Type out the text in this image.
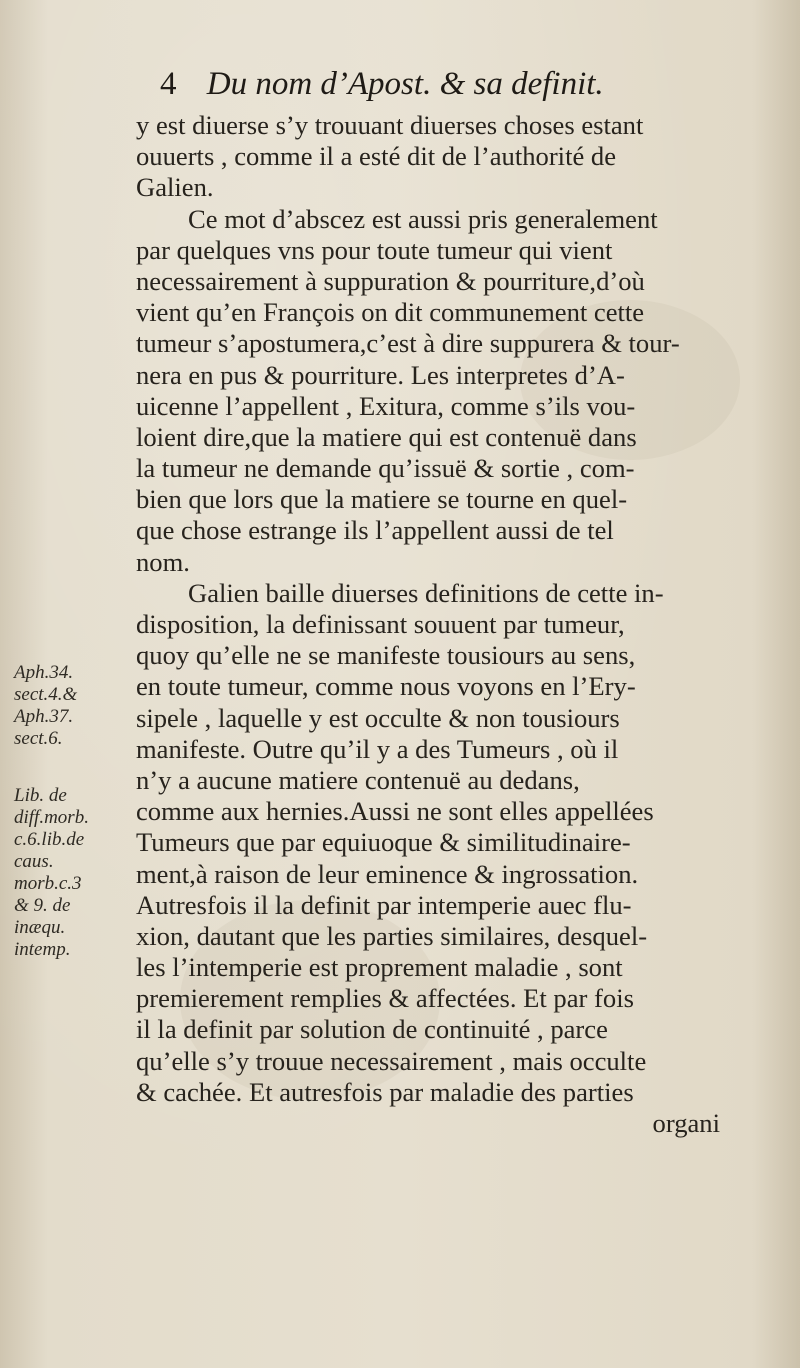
4 Du nom d’Apost. & sa definit.
y est diuerse s’y trouuant diuerses choses estant
ouuerts , comme il a esté dit de l’authorité de
Galien.
Ce mot d’abscez est aussi pris generalement
par quelques vns pour toute tumeur qui vient
necessairement à suppuration & pourriture,d’où
vient qu’en François on dit communement cette
tumeur s’apostumera,c’est à dire suppurera & tour-
nera en pus & pourriture. Les interpretes d’A-
uicenne l’appellent , Exitura, comme s’ils vou-
loient dire,que la matiere qui est contenuë dans
la tumeur ne demande qu’issuë & sortie , com-
bien que lors que la matiere se tourne en quel-
que chose estrange ils l’appellent aussi de tel
nom.
Galien baille diuerses definitions de cette in-
disposition, la definissant souuent par tumeur,
quoy qu’elle ne se manifeste tousiours au sens,
en toute tumeur, comme nous voyons en l’Ery-
sipele , laquelle y est occulte & non tousiours
manifeste. Outre qu’il y a des Tumeurs , où il
n’y a aucune matiere contenuë au dedans,
comme aux hernies.Aussi ne sont elles appellées
Tumeurs que par equiuoque & similitudinaire-
ment,à raison de leur eminence & ingrossation.
Autresfois il la definit par intemperie auec flu-
xion, dautant que les parties similaires, desquel-
les l’intemperie est proprement maladie , sont
premierement remplies & affectées. Et par fois
il la definit par solution de continuité , parce
qu’elle s’y trouue necessairement , mais occulte
& cachée. Et autresfois par maladie des parties
organi
Aph.34.
sect.4.&
Aph.37.
sect.6.
Lib. de
diff.morb.
c.6.lib.de
caus.
morb.c.3
& 9. de
inæqu.
intemp.
